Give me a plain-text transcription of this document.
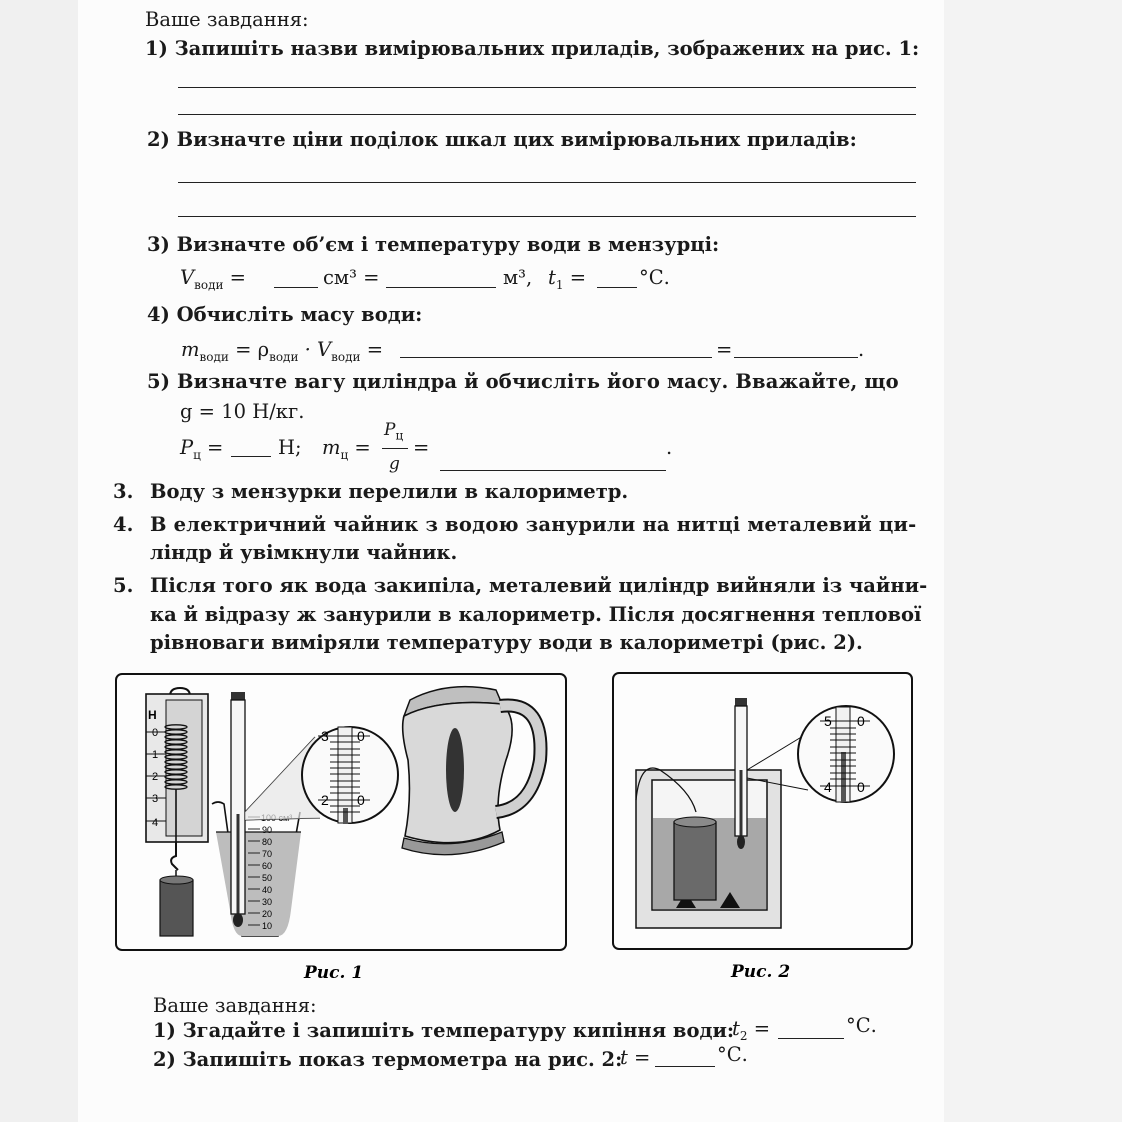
Ваше завдання:
1) Запишіть назви вимірювальних приладів, зображених на рис. 1:
2) Визначте ціни поділок шкал цих вимірювальних приладів:
3) Визначте об’єм і температуру води в мензурці:
$V_{води}$ =	см³ =	м³, $t_1$ =	°С.
4) Обчисліть масу води:
$m_{води} = \rho_{води} \cdot V_{води}$ =	=	.
5) Визначте вагу циліндра й обчисліть його масу. Вважайте, що
g = 10 Н/кг.
$P_ц$ =	Н; $m_ц$ =
$P_ц$
g
=	.
3. Воду з мензурки перелили в калориметр.
4. В електричний чайник з водою занурили на нитці металевий ци-
ліндр й увімкнули чайник.
5. Після того як вода закипіла, металевий циліндр вийняли із чайни-
ка й відразу ж занурили в калориметр. Після досягнення теплової
рівноваги виміряли температуру води в калориметрі (рис. 2).
Н
0
1
2
3
4
90
80
70
60
50
40
30
20
10
3 0
2 0
Рис. 1
5 0
4 0
Рис. 2
Ваше завдання:
1) Згадайте і запишіть температуру кипіння води:
$t_2$ =	°С.
2) Запишіть показ термометра на рис. 2:
t =	°С.
